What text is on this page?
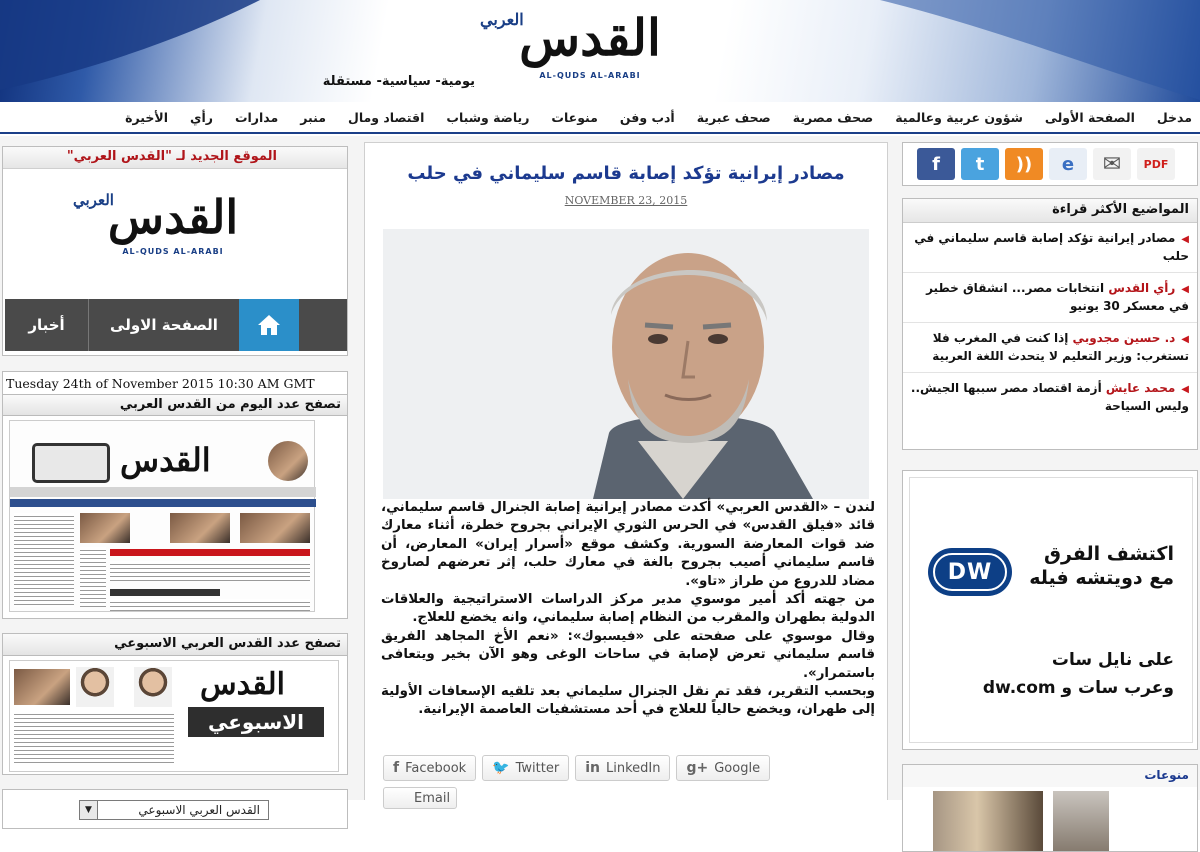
العربي
القدس
AL-QUDS AL-ARABI
يومية- سياسية- مستقلة
مدخل
الصفحة الأولى
شؤون عربية وعالمية
صحف مصرية
صحف عبرية
أدب وفن
منوعات
رياضة وشباب
اقتصاد ومال
منبر
مدارات
رأي
الأخيرة
الموقع الجديد لـ "القدس العربي"
العربي
القدس
AL-QUDS AL-ARABI
أخبار	الصفحة الاولى
Tuesday 24th of November 2015 10:30 AM GMT
تصفح عدد اليوم من القدس العربي
القدس
تصفح عدد القدس العربي الاسبوعي
القدس
الاسبوعي
القدس العربي الاسبوعي
▼
مصادر إيرانية تؤكد إصابة قاسم سليماني في حلب
NOVEMBER 23, 2015

لندن – «القدس العربي» أكدت مصادر إيرانية إصابة الجنرال قاسم سليماني، قائد «فيلق القدس» في الحرس الثوري الإيراني بجروح خطرة، أثناء معارك ضد قوات المعارضة السورية. وكشف موقع «أسرار إيران» المعارض، أن قاسم سليماني أصيب بجروح بالغة في معارك حلب، إثر تعرضهم لصاروخ مضاد للدروع من طراز «تاو».

من جهته أكد أمير موسوي مدير مركز الدراسات الاستراتيجية والعلاقات الدولية بطهران والمقرب من النظام إصابة سليماني، وانه يخضع للعلاج.

وقال موسوي على صفحته على «فيسبوك»: «نعم الأخ المجاهد الفريق قاسم سليماني تعرض لإصابة في ساحات الوغى وهو الآن بخير ويتعافى باستمرار».

وبحسب التقرير، فقد تم نقل الجنرال سليماني بعد تلقيه الإسعافات الأولية إلى طهران، ويخضع حالياً للعلاج في أحد مستشفيات العاصمة الإيرانية.

f Facebook 🐦 Twitter in LinkedIn g+ Google
Email
f	t	))	e	✉	PDF
المواضيع الأكثر قراءة
◀مصادر إيرانية تؤكد إصابة قاسم سليماني في حلب
◀رأي القدس انتخابات مصر... انشقاق خطير في معسكر 30 يونيو
◀د. حسين مجدوبي إذا كنت في المغرب فلا تستغرب: وزير التعليم لا يتحدث اللغة العربية
◀محمد عايش أزمة اقتصاد مصر سببها الجيش.. وليس السياحة
اكتشف الفرق
مع دويتشه فيله
DW
على نايل سات
وعرب سات و dw.com
منوعات
